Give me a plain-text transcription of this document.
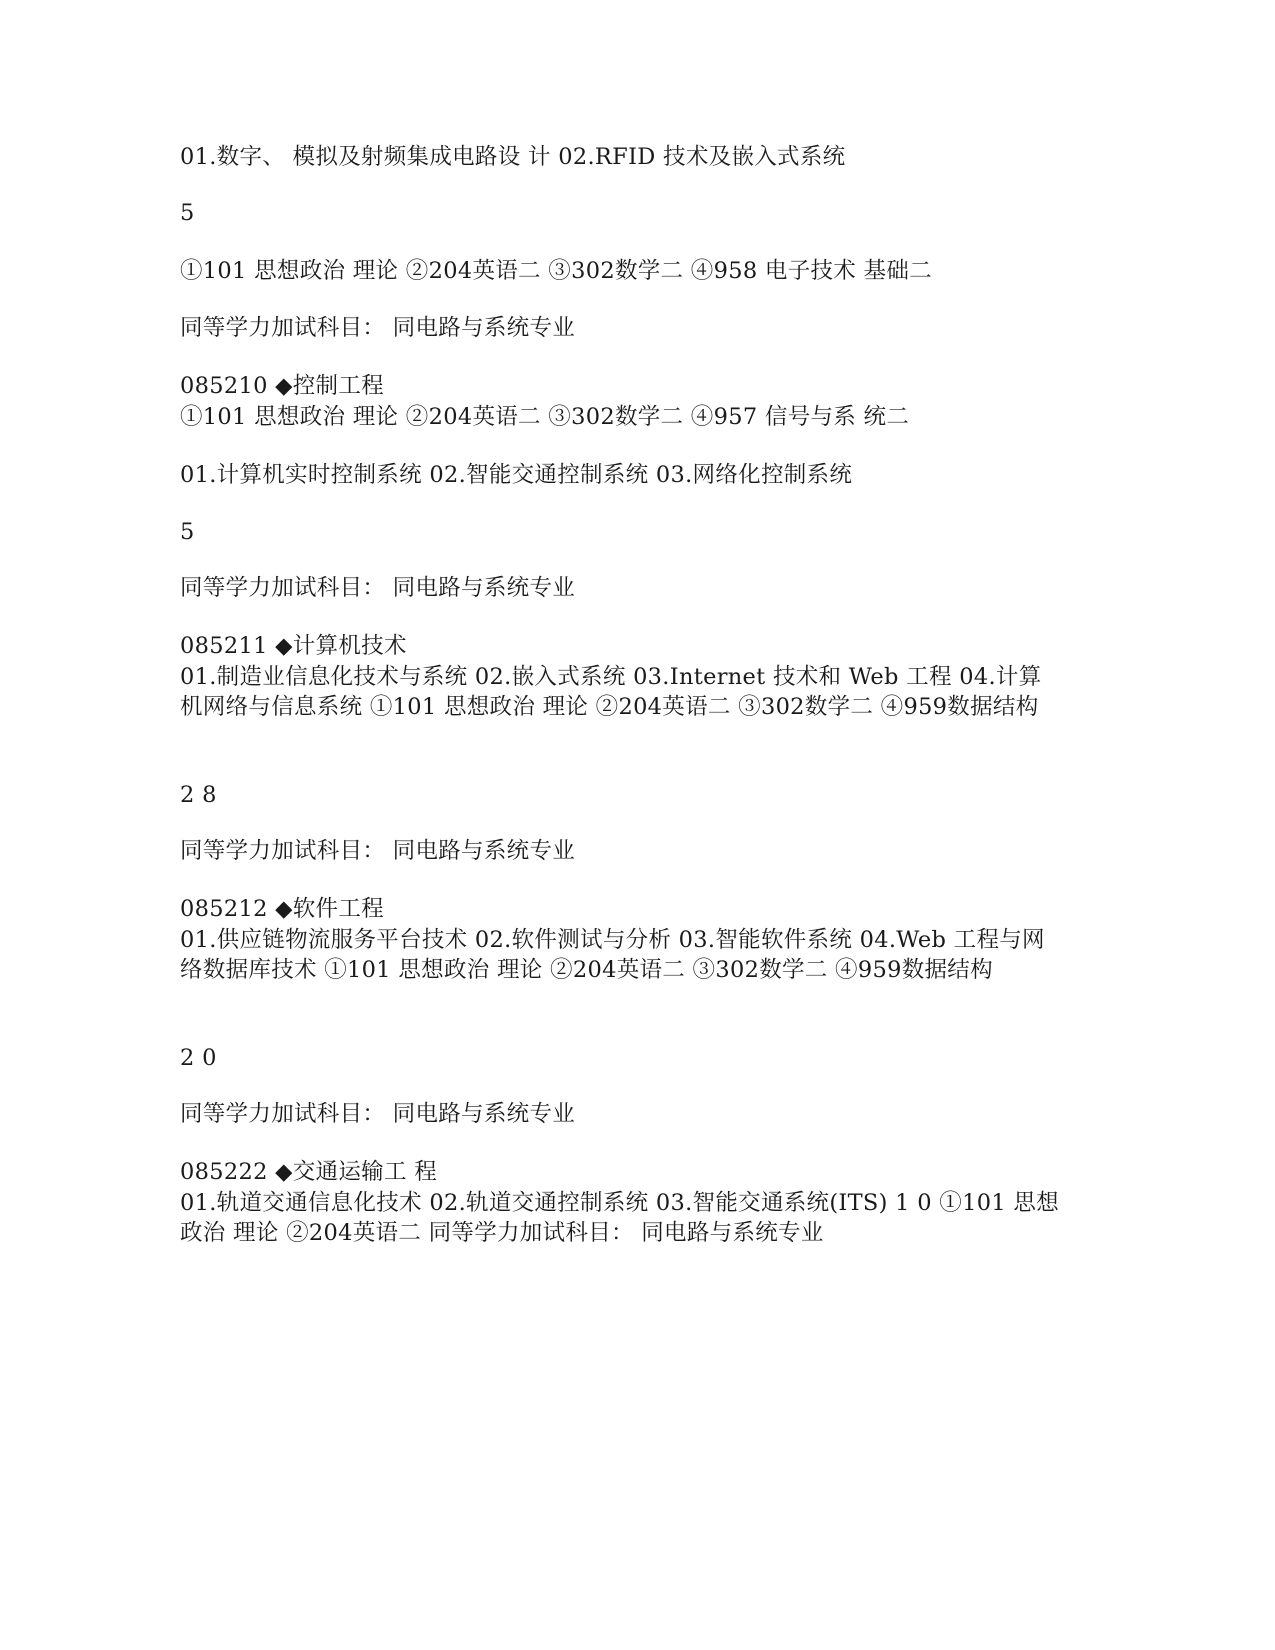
01.数字、 模拟及射频集成电路设 计 02.RFID 技术及嵌入式系统
5
①101 思想政治 理论 ②204英语二 ③302数学二 ④958 电子技术 基础二
同等学力加试科目： 同电路与系统专业
085210 ◆控制工程
①101 思想政治 理论 ②204英语二 ③302数学二 ④957 信号与系 统二
01.计算机实时控制系统 02.智能交通控制系统 03.网络化控制系统
5
同等学力加试科目： 同电路与系统专业
085211 ◆计算机技术
01.制造业信息化技术与系统 02.嵌入式系统 03.Internet 技术和 Web 工程 04.计算机网络与信息系统 ①101 思想政治 理论 ②204英语二 ③302数学二 ④959数据结构
2 8
同等学力加试科目： 同电路与系统专业
085212 ◆软件工程
01.供应链物流服务平台技术 02.软件测试与分析 03.智能软件系统 04.Web 工程与网络数据库技术 ①101 思想政治 理论 ②204英语二 ③302数学二 ④959数据结构
2 0
同等学力加试科目： 同电路与系统专业
085222 ◆交通运输工 程
01.轨道交通信息化技术 02.轨道交通控制系统 03.智能交通系统(ITS) 1 0 ①101 思想政治 理论 ②204英语二 同等学力加试科目： 同电路与系统专业
